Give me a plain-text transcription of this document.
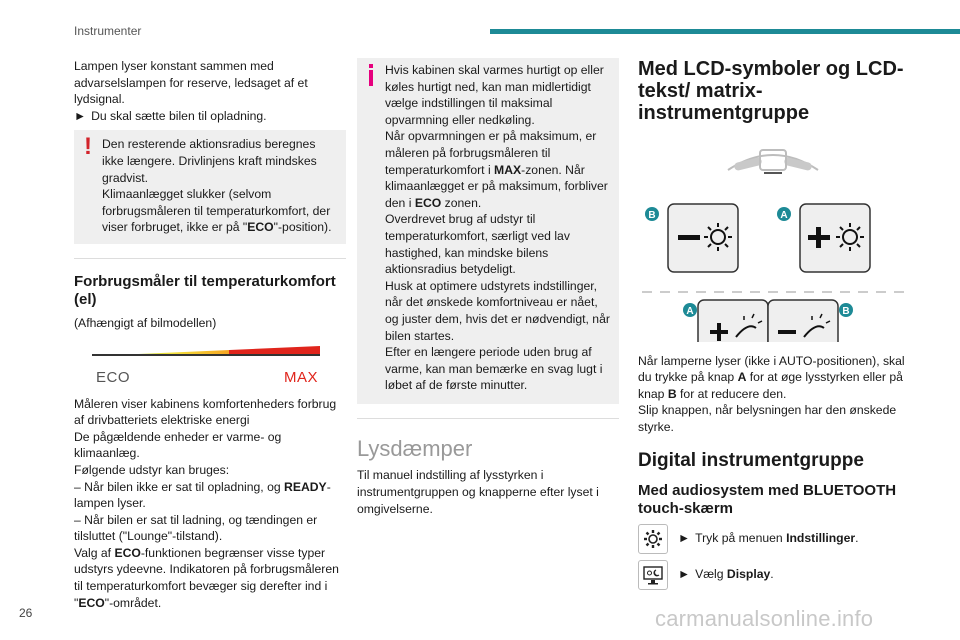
Instrumenter

Lampen lyser konstant sammen med advarselslampen for reserve, ledsaget af et lydsignal.

► Du skal sætte bilen til opladning.

! Den resterende aktionsradius beregnes ikke længere. Drivlinjens kraft mindskes gradvist.

Klimaanlægget slukker (selvom forbrugsmåleren til temperaturkomfort, der viser forbruget, ikke er på "ECO"-position).

Forbrugsmåler til temperaturkomfort (el)

(Afhængigt af bilmodellen)

ECO	MAX

Måleren viser kabinens komfortenheders forbrug af drivbatteriets elektriske energi

De pågældende enheder er varme- og klimaanlæg.

Følgende udstyr kan bruges:

– Når bilen ikke er sat til opladning, og READY-lampen lyser.

– Når bilen er sat til ladning, og tændingen er tilsluttet ("Lounge"-tilstand).

Valg af ECO-funktionen begrænser visse typer udstyrs ydeevne. Indikatoren på forbrugsmåleren til temperaturkomfort bevæger sig derefter ind i "ECO"-området.

Hvis kabinen skal varmes hurtigt op eller køles hurtigt ned, kan man midlertidigt vælge indstillingen til maksimal opvarmning eller nedkøling.

Når opvarmningen er på maksimum, er måleren på forbrugsmåleren til temperaturkomfort i MAX-zonen. Når klimaanlægget er på maksimum, forbliver den i ECO zonen.

Overdrevet brug af udstyr til temperaturkomfort, særligt ved lav hastighed, kan mindske bilens aktionsradius betydeligt.

Husk at optimere udstyrets indstillinger, når det ønskede komfortniveau er nået, og juster dem, hvis det er nødvendigt, når bilen startes.

Efter en længere periode uden brug af varme, kan man bemærke en svag lugt i løbet af de første minutter.

Lysdæmper

Til manuel indstilling af lysstyrken i instrumentgruppen og knapperne efter lyset i omgivelserne.

Med LCD-symboler og LCD-tekst/ matrix-instrumentgruppe
B	A
A	B

Når lamperne lyser (ikke i AUTO-positionen), skal du trykke på knap A for at øge lysstyrken eller på knap B for at reducere den.

Slip knappen, når belysningen har den ønskede styrke.

Digital instrumentgruppe
Med audiosystem med BLUETOOTH touch-skærm
► Tryk på menuen Indstillinger.
► Vælg Display.
26	carmanualsonline.info
